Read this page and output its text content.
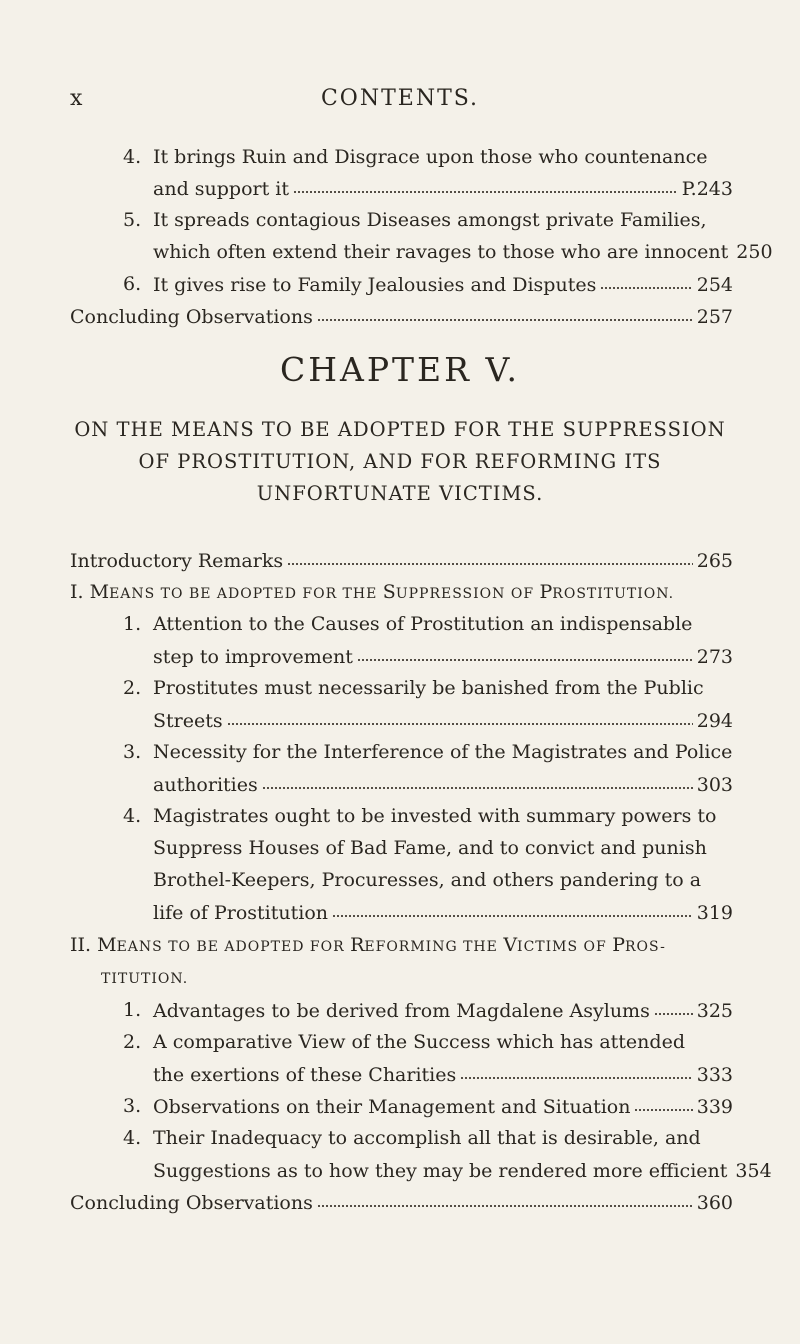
x	CONTENTS.
4. It brings Ruin and Disgrace upon those who countenance
and support it	P.243
5. It spreads contagious Diseases amongst private Families,
which often extend their ravages to those who are innocent 250
6. It gives rise to Family Jealousies and Disputes	254
Concluding Observations	257
CHAPTER V.
ON THE MEANS TO BE ADOPTED FOR THE SUPPRESSION
OF PROSTITUTION, AND FOR REFORMING ITS
UNFORTUNATE VICTIMS.
Introductory Remarks	265
I. MEANS TO BE ADOPTED FOR THE SUPPRESSION OF PROSTITUTION.
1. Attention to the Causes of Prostitution an indispensable
step to improvement	273
2. Prostitutes must necessarily be banished from the Public
Streets	294
3. Necessity for the Interference of the Magistrates and Police
authorities	303
4. Magistrates ought to be invested with summary powers to
Suppress Houses of Bad Fame, and to convict and punish
Brothel-Keepers, Procuresses, and others pandering to a
life of Prostitution	319
II. MEANS TO BE ADOPTED FOR REFORMING THE VICTIMS OF PROS-
TITUTION.
1. Advantages to be derived from Magdalene Asylums 325
2. A comparative View of the Success which has attended
the exertions of these Charities	333
3. Observations on their Management and Situation	339
4. Their Inadequacy to accomplish all that is desirable, and
Suggestions as to how they may be rendered more efficient 354
Concluding Observations	360
